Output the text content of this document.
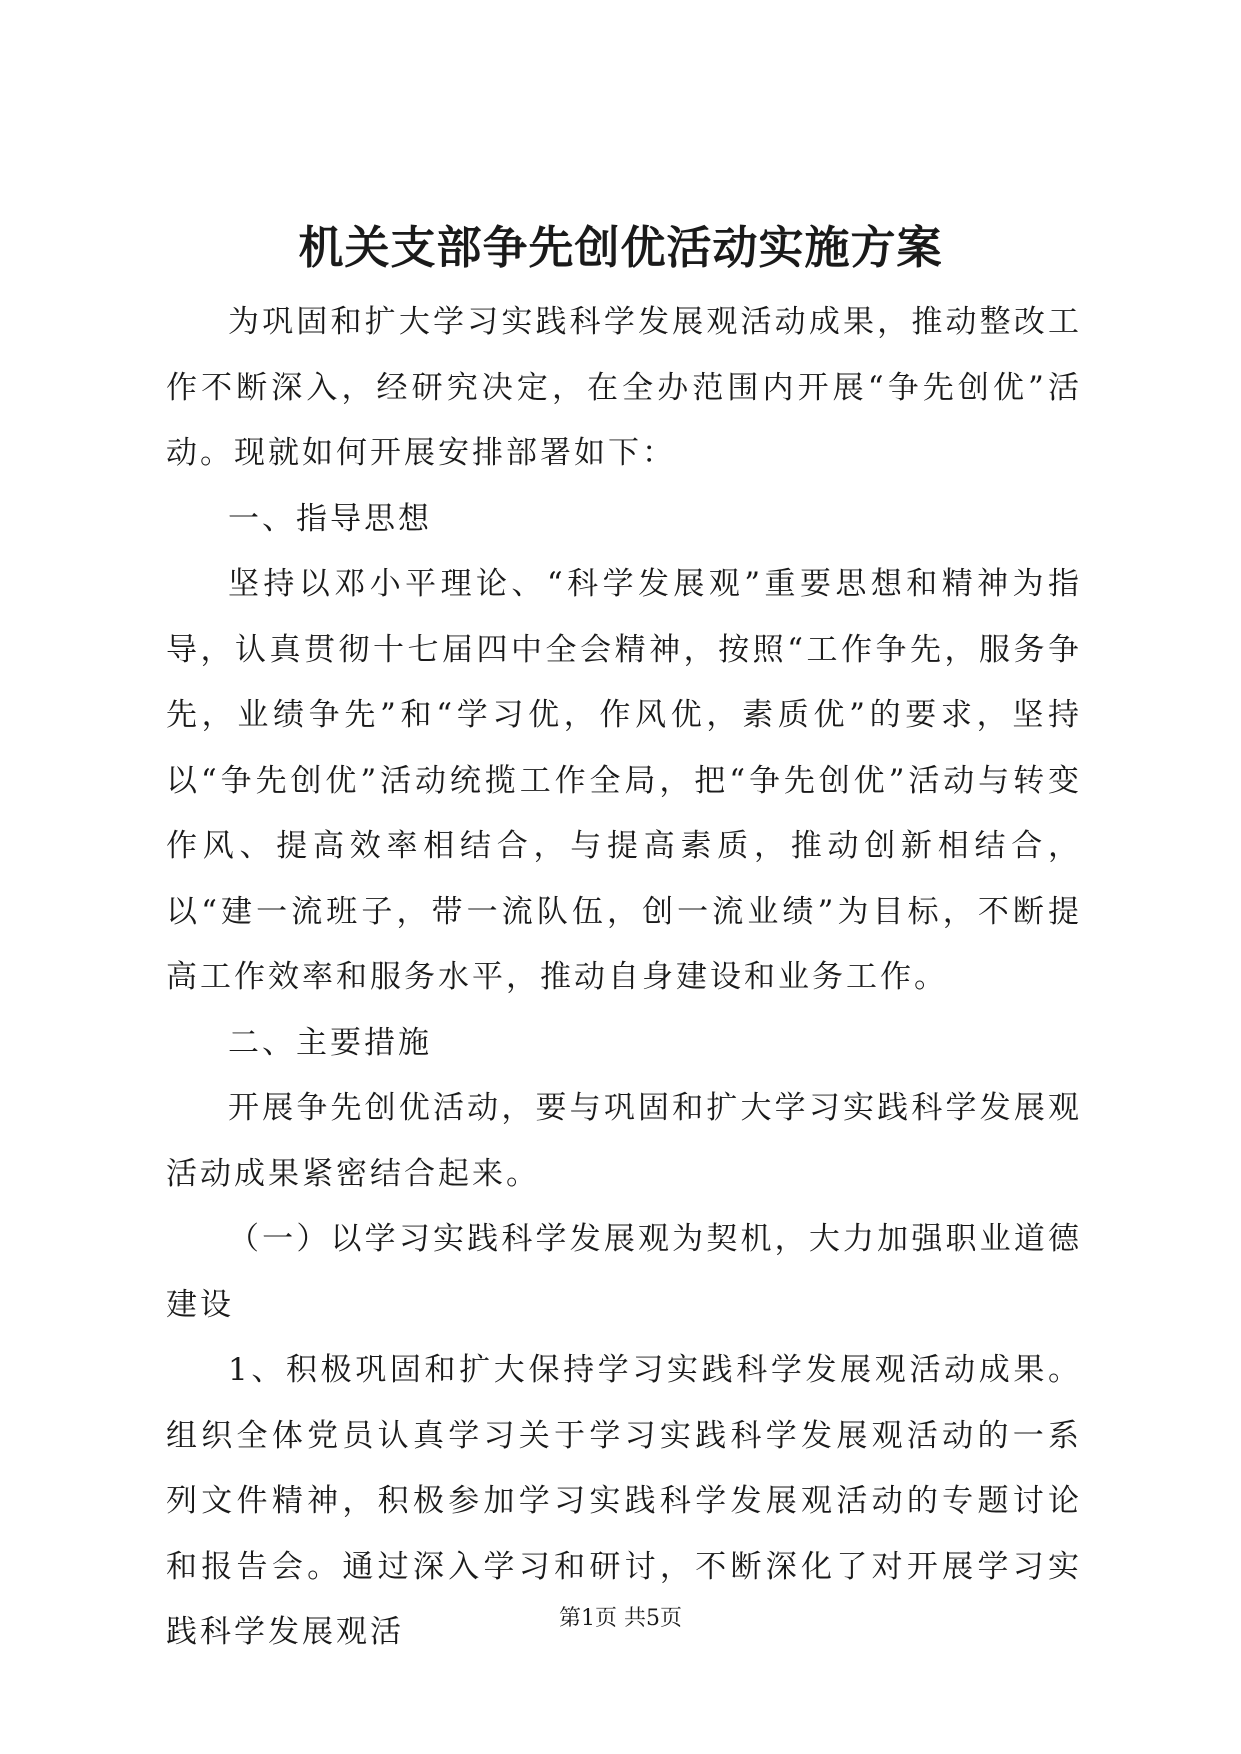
机关支部争先创优活动实施方案

为巩固和扩大学习实践科学发展观活动成果，推动整改工作不断深入，经研究决定，在全办范围内开展“争先创优”活动。现就如何开展安排部署如下：

一、指导思想

坚持以邓小平理论、“科学发展观”重要思想和精神为指导，认真贯彻十七届四中全会精神，按照“工作争先，服务争先，业绩争先”和“学习优，作风优，素质优”的要求，坚持以“争先创优”活动统揽工作全局，把“争先创优”活动与转变作风、提高效率相结合，与提高素质，推动创新相结合，以“建一流班子，带一流队伍，创一流业绩”为目标，不断提高工作效率和服务水平，推动自身建设和业务工作。

二、主要措施

开展争先创优活动，要与巩固和扩大学习实践科学发展观活动成果紧密结合起来。

（一）以学习实践科学发展观为契机，大力加强职业道德建设

1、积极巩固和扩大保持学习实践科学发展观活动成果。组织全体党员认真学习关于学习实践科学发展观活动的一系列文件精神，积极参加学习实践科学发展观活动的专题讨论和报告会。通过深入学习和研讨，不断深化了对开展学习实践科学发展观活	第1页 共5页
